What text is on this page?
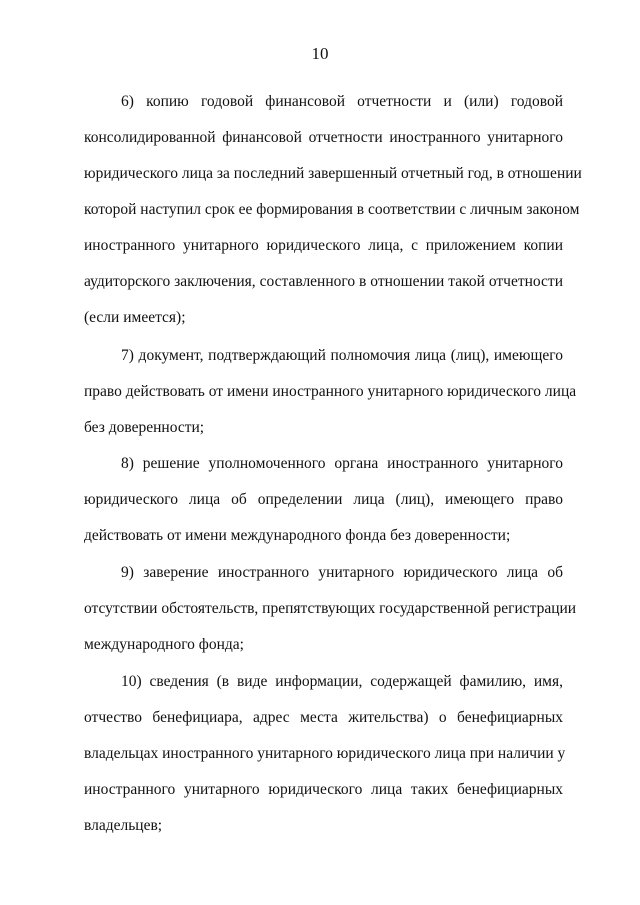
10
6) копию годовой финансовой отчетности и (или) годовой
консолидированной финансовой отчетности иностранного унитарного
юридического лица за последний завершенный отчетный год, в отношении
которой наступил срок ее формирования в соответствии с личным законом
иностранного унитарного юридического лица, с приложением копии
аудиторского заключения, составленного в отношении такой отчетности
(если имеется);
7) документ, подтверждающий полномочия лица (лиц), имеющего
право действовать от имени иностранного унитарного юридического лица
без доверенности;
8) решение уполномоченного органа иностранного унитарного
юридического лица об определении лица (лиц), имеющего право
действовать от имени международного фонда без доверенности;
9) заверение иностранного унитарного юридического лица об
отсутствии обстоятельств, препятствующих государственной регистрации
международного фонда;
10) сведения (в виде информации, содержащей фамилию, имя,
отчество бенефициара, адрес места жительства) о бенефициарных
владельцах иностранного унитарного юридического лица при наличии у
иностранного унитарного юридического лица таких бенефициарных
владельцев;
